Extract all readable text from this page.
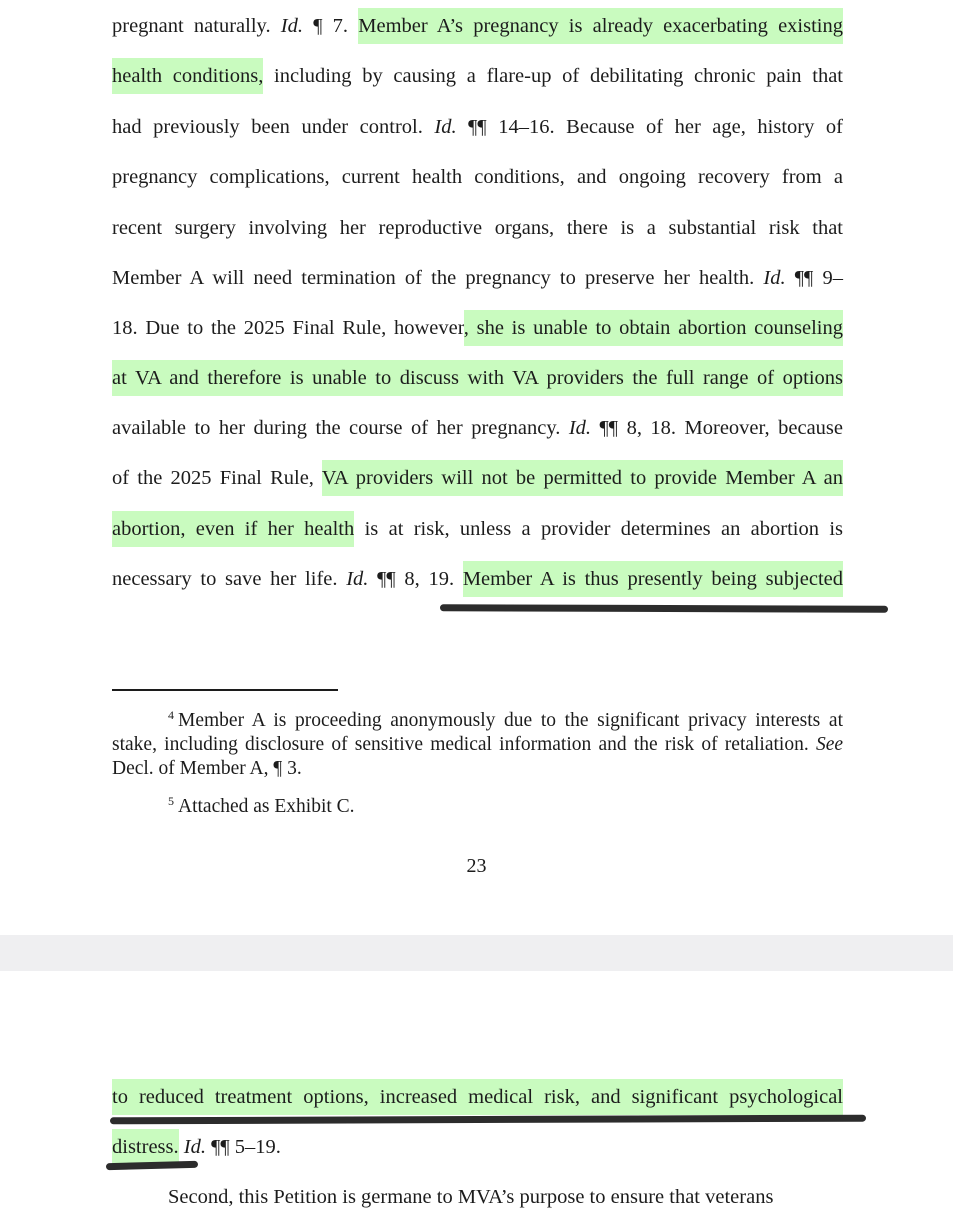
pregnant naturally. Id. ¶ 7. Member A’s pregnancy is already exacerbating existing
health conditions, including by causing a flare-up of debilitating chronic pain that
had previously been under control. Id. ¶¶ 14–16. Because of her age, history of
pregnancy complications, current health conditions, and ongoing recovery from a
recent surgery involving her reproductive organs, there is a substantial risk that
Member A will need termination of the pregnancy to preserve her health. Id. ¶¶ 9–
18. Due to the 2025 Final Rule, however, she is unable to obtain abortion counseling
at VA and therefore is unable to discuss with VA providers the full range of options
available to her during the course of her pregnancy. Id. ¶¶ 8, 18. Moreover, because
of the 2025 Final Rule, VA providers will not be permitted to provide Member A an
abortion, even if her health is at risk, unless a provider determines an abortion is
necessary to save her life. Id. ¶¶ 8, 19. Member A is thus presently being subjected
$^4$ Member A is proceeding anonymously due to the significant privacy interests at stake, including disclosure of sensitive medical information and the risk of retaliation. See Decl. of Member A, ¶ 3.
$^5$ Attached as Exhibit C.
23
to reduced treatment options, increased medical risk, and significant psychological
distress. Id. ¶¶ 5–19.
Second, this Petition is germane to MVA’s purpose to ensure that veterans
